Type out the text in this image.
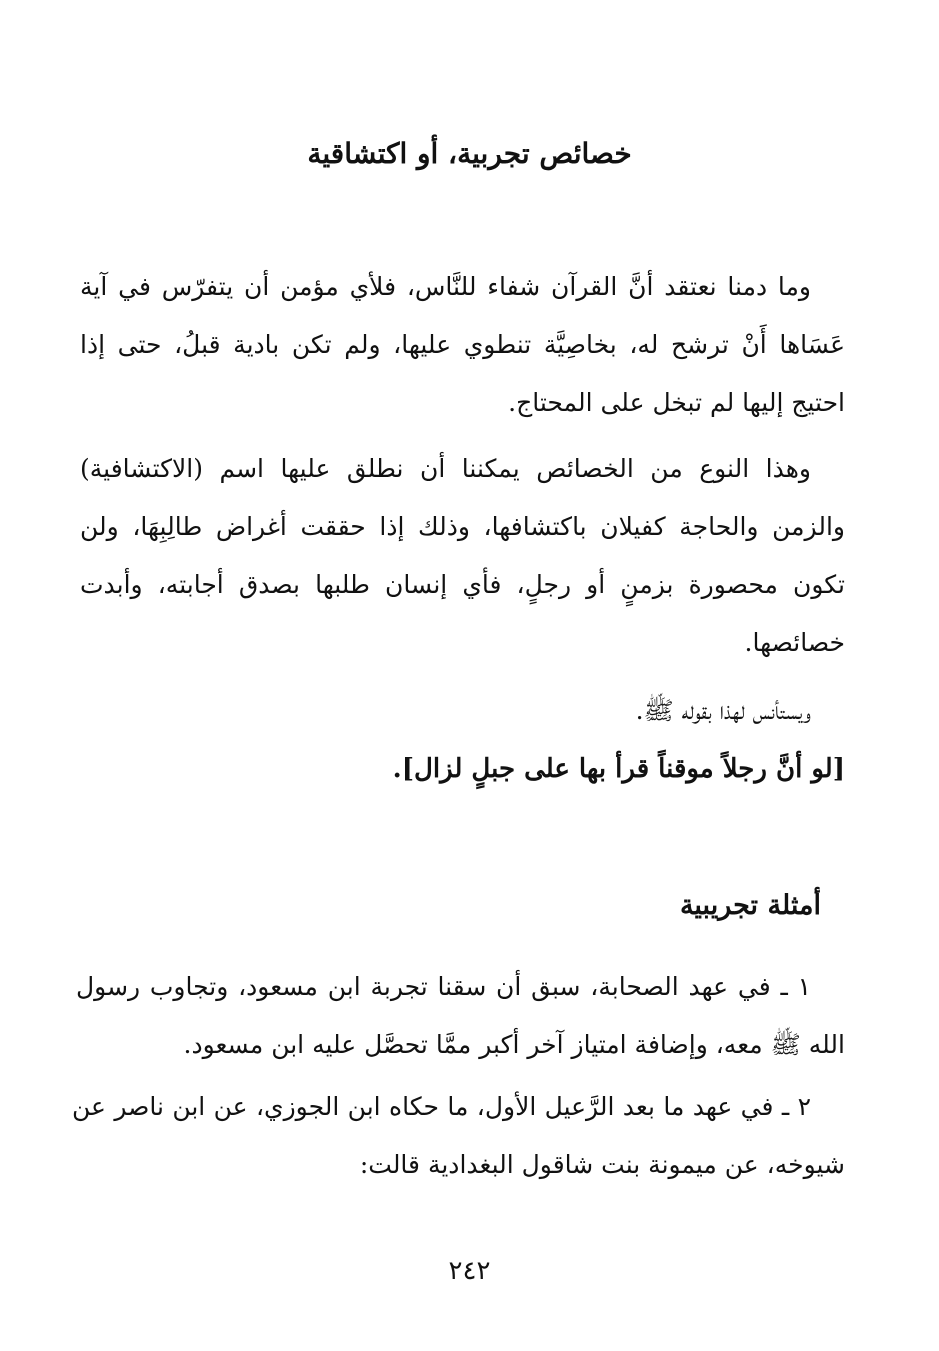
خصائص تجربية، أو اكتشاقية

وما دمنا نعتقد أنَّ القرآن شفاء للنَّاس، فلأي مؤمن أن يتفرّس في آية عَسَاها أَنْ ترشح له، بخاصِيَّة تنطوي عليها، ولم تكن بادية قبلُ، حتى إذا احتيج إليها لم تبخل على المحتاج.

وهذا النوع من الخصائص يمكننا أن نطلق عليها اسم (الاكتشافية) والزمن والحاجة كفيلان باكتشافها، وذلك إذا حققت أغراض طالِبِهَا، ولن تكون محصورة بزمنٍ أو رجلٍ، فأي إنسان طلبها بصدق أجابته، وأبدت خصائصها.

ويستأنس لهذا بقوله ﷺ.

[لو أنَّ رجلاً موقناً قرأ بها على جبلٍ لزال].

أمثلة تجريبية

١ ـ في عهد الصحابة، سبق أن سقنا تجربة ابن مسعود، وتجاوب رسول الله ﷺ معه، وإضافة امتياز آخر أكبر ممَّا تحصَّل عليه ابن مسعود.

٢ ـ في عهد ما بعد الرَّعيل الأول، ما حكاه ابن الجوزي، عن ابن ناصر عن شيوخه، عن ميمونة بنت شاقول البغدادية قالت:

٢٤٢
